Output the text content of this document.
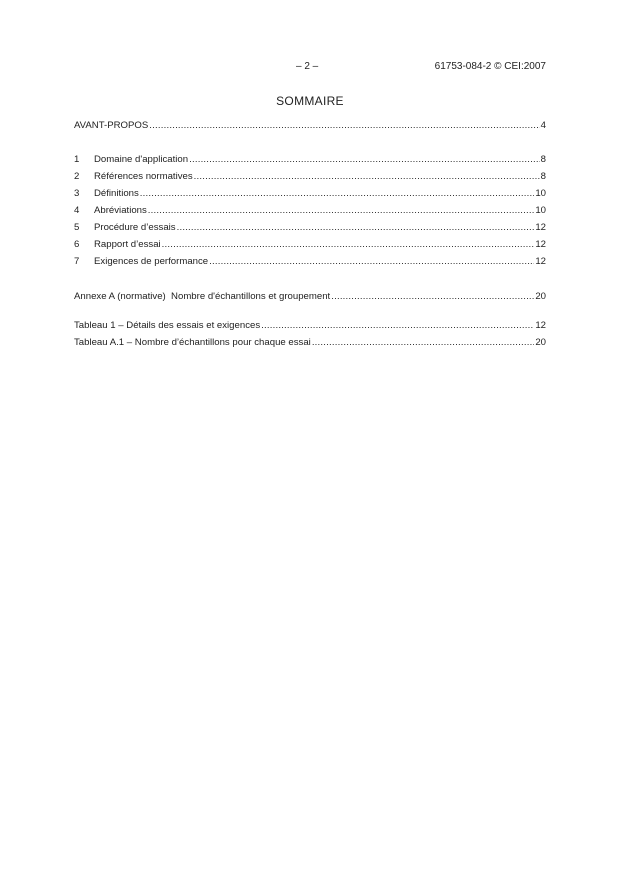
– 2 –	61753-084-2 © CEI:2007
SOMMAIRE
AVANT-PROPOS .....	4
1	Domaine d'application .....	8
2	Références normatives .....	8
3	Définitions .....	10
4	Abréviations .....	10
5	Procédure d’essais .....	12
6	Rapport d’essai .....	12
7	Exigences de performance .....	12
Annexe A (normative)  Nombre d'échantillons et groupement .....	20
Tableau 1 – Détails des essais et exigences .....	12
Tableau A.1 – Nombre d’échantillons pour chaque essai .....	20
